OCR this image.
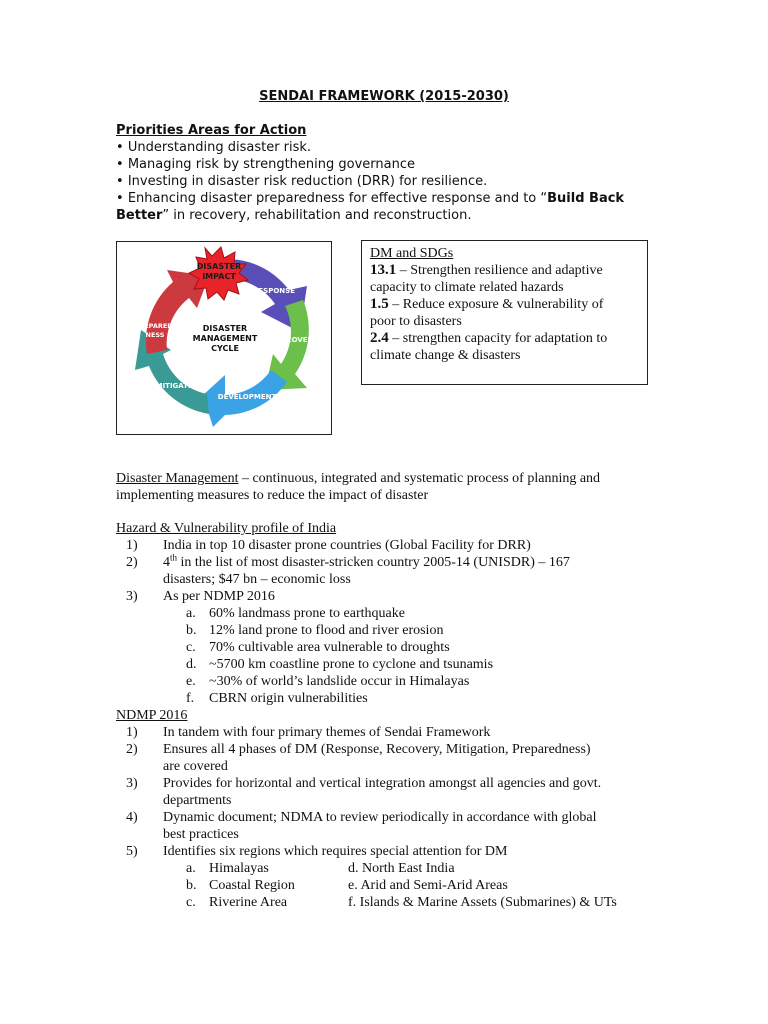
SENDAI FRAMEWORK (2015-2030)
Priorities Areas for Action
• Understanding disaster risk.
• Managing risk by strengthening governance
• Investing in disaster risk reduction (DRR) for resilience.
• Enhancing disaster preparedness for effective response and to “Build Back
Better” in recovery, rehabilitation and reconstruction.
DISASTER
IMPACT
DISASTER
MANAGEMENT
CYCLE
RESPONSE
RECOVERY
DEVELOPMENT
MITIGATION
PREPARED-
NESS
DM and SDGs
13.1 – Strengthen resilience and adaptive
capacity to climate related hazards
1.5 – Reduce exposure & vulnerability of
poor to disasters
2.4 – strengthen capacity for adaptation to
climate change & disasters
Disaster Management – continuous, integrated and systematic process of planning and
implementing measures to reduce the impact of disaster
Hazard & Vulnerability profile of India
1) India in top 10 disaster prone countries (Global Facility for DRR)
2) 4th in the list of most disaster-stricken country 2005-14 (UNISDR) – 167
disasters; $47 bn – economic loss
3) As per NDMP 2016
a. 60% landmass prone to earthquake
b. 12% land prone to flood and river erosion
c. 70% cultivable area vulnerable to droughts
d. ~5700 km coastline prone to cyclone and tsunamis
e. ~30% of world’s landslide occur in Himalayas
f. CBRN origin vulnerabilities
NDMP 2016
1) In tandem with four primary themes of Sendai Framework
2) Ensures all 4 phases of DM (Response, Recovery, Mitigation, Preparedness)
are covered
3) Provides for horizontal and vertical integration amongst all agencies and govt.
departments
4) Dynamic document; NDMA to review periodically in accordance with global
best practices
5) Identifies six regions which requires special attention for DM
a. Himalayas	d. North East India
b. Coastal Region	e. Arid and Semi-Arid Areas
c. Riverine Area	f. Islands & Marine Assets (Submarines) & UTs
